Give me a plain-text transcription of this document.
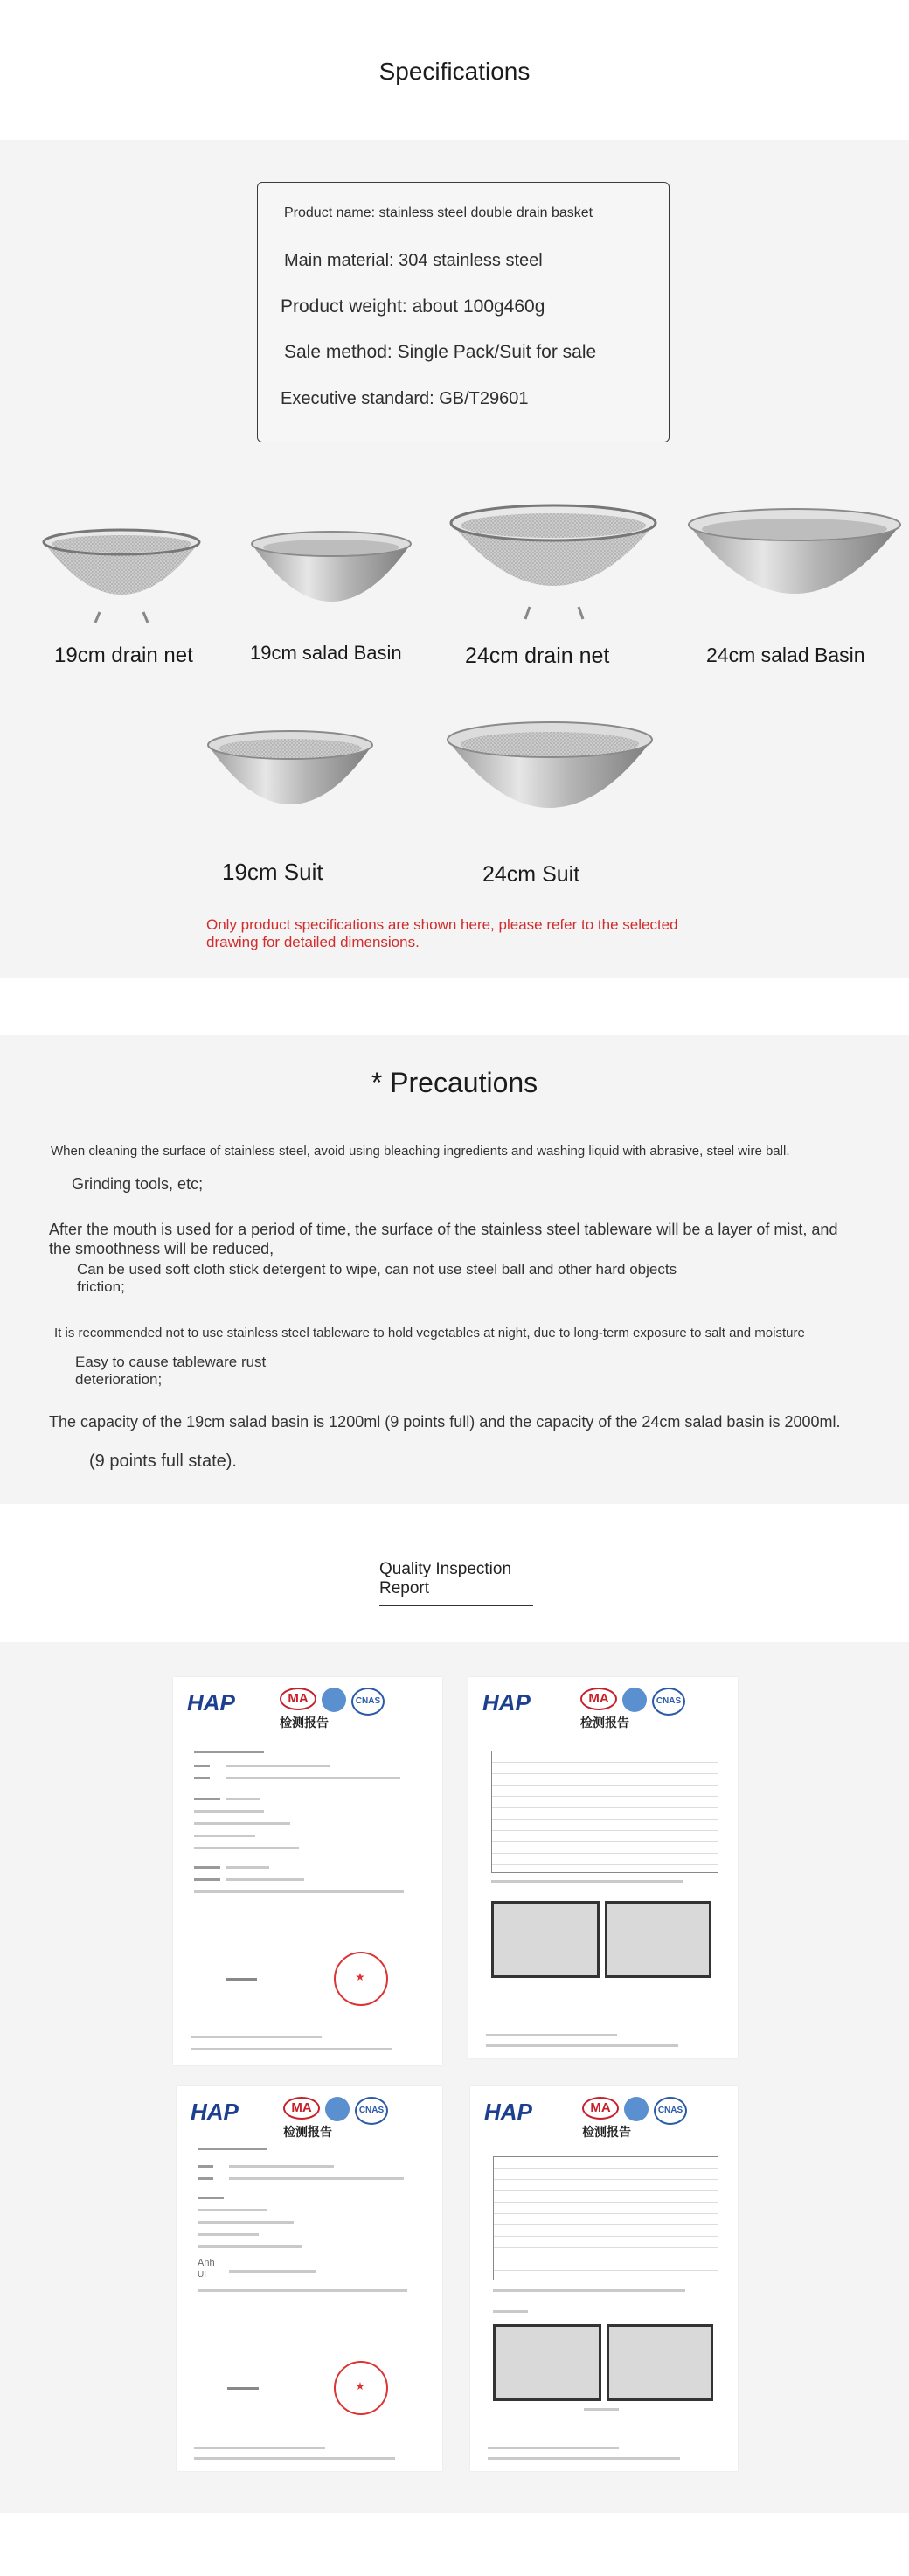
Specifications
Product name: stainless steel double drain basket
Main material: 304 stainless steel
Product weight: about 100g460g
Sale method: Single Pack/Suit for sale
Executive standard: GB/T29601
19cm drain net	19cm salad Basin	24cm drain net	24cm salad Basin
19cm Suit	24cm Suit
Only product specifications are shown here, please refer to the selected
drawing for detailed dimensions.
* Precautions
When cleaning the surface of stainless steel, avoid using bleaching ingredients and washing liquid with abrasive, steel wire ball.
Grinding tools, etc;
After the mouth is used for a period of time, the surface of the stainless steel tableware will be a layer of mist, and
the smoothness will be reduced,
Can be used soft cloth stick detergent to wipe, can not use steel ball and other hard objects
friction;
It is recommended not to use stainless steel tableware to hold vegetables at night, due to long-term exposure to salt and moisture
Easy to cause tableware rust
deterioration;
The capacity of the 19cm salad basin is 1200ml (9 points full) and the capacity of the 24cm salad basin is 2000ml.
(9 points full state).
Quality Inspection
Report
HAP	MA	CNAS
检测报告
HAP	MA	CNAS
检测报告
HAP	MA	CNAS
检测报告
Anh
UI
HAP	MA	CNAS
检测报告
